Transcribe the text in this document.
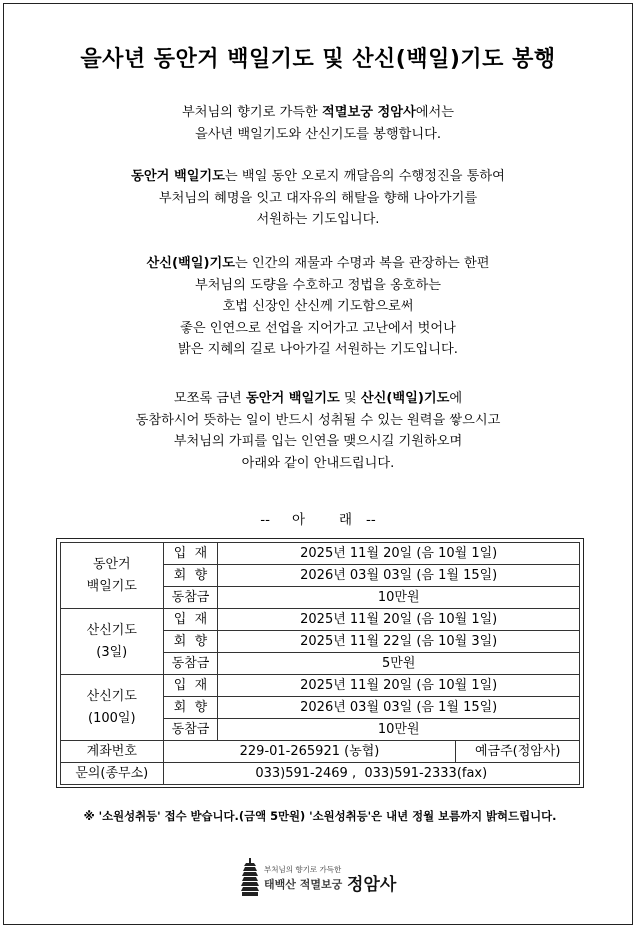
을사년 동안거 백일기도 및 산신(백일)기도 봉행

부처님의 향기로 가득한 적멸보궁 정암사에서는

을사년 백일기도와 산신기도를 봉행합니다.

동안거 백일기도는 백일 동안 오로지 깨달음의 수행정진을 통하여

부처님의 혜명을 잇고 대자유의 해탈을 향해 나아가기를

서원하는 기도입니다.

산신(백일)기도는 인간의 재물과 수명과 복을 관장하는 한편

부처님의 도량을 수호하고 정법을 옹호하는

호법 신장인 산신께 기도함으로써

좋은 인연으로 선업을 지어가고 고난에서 벗어나

밝은 지혜의 길로 나아가길 서원하는 기도입니다.

모쪼록 금년 동안거 백일기도 및 산신(백일)기도에

동참하시어 뜻하는 일이 반드시 성취될 수 있는 원력을 쌓으시고

부처님의 가피를 입는 인연을 맺으시길 기원하오며

아래와 같이 안내드립니다.

-- 아	래 --
동안거
백일기도	입  재	2025년 11월 20일 (음 10월 1일)	
	회  향	2026년 03월 03일 (음 1월 15일)	
	동참금	10만원	

산신기도
(3일)	입  재	2025년 11월 20일 (음 10월 1일)	
	회  향	2025년 11월 22일 (음 10월 3일)	
	동참금	5만원	

산신기도
(100일)	입  재	2025년 11월 20일 (음 10월 1일)	
	회  향	2026년 03월 03일 (음 1월 15일)	
	동참금	10만원	
계좌번호	229-01-265921 (농협)		예금주(정암사)
문의(종무소)	033)591-2469 ,  033)591-2333(fax)		
※ '소원성취등' 접수 받습니다.(금액 5만원) '소원성취등'은 내년 정월 보름까지 밝혀드립니다.
부처님의 향기로 가득한
태백산 적멸보궁 정암사
